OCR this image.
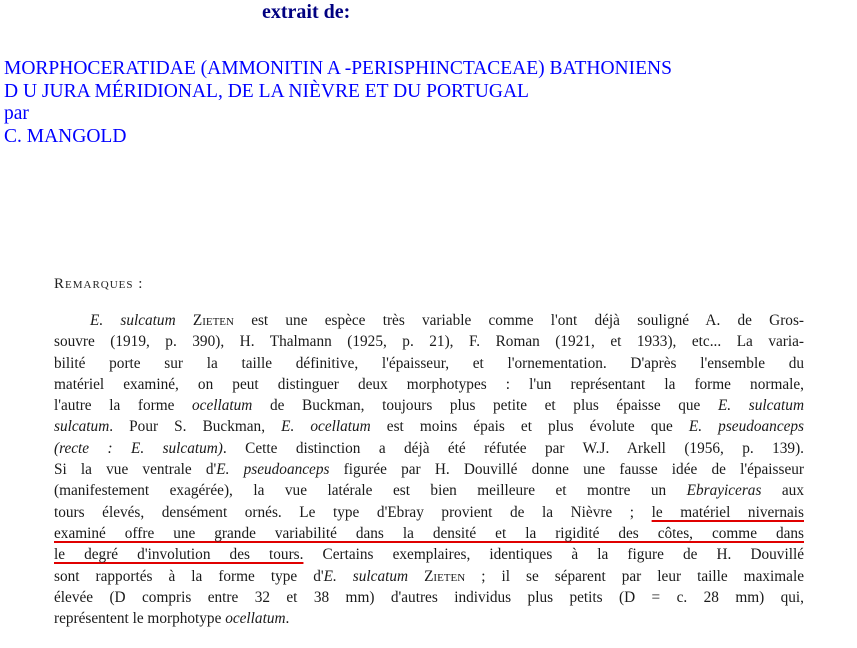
extrait de:
MORPHOCERATIDAE (AMMONITIN A -PERISPHINCTACEAE) BATHONIENS
D U JURA MÉRIDIONAL, DE LA NIÈVRE ET DU PORTUGAL
par
C. MANGOLD
Remarques :
E. sulcatum Zieten est une espèce très variable comme l'ont déjà souligné A. de Gros-
souvre (1919, p. 390), H. Thalmann (1925, p. 21), F. Roman (1921, et 1933), etc... La varia-
bilité porte sur la taille définitive, l'épaisseur, et l'ornementation. D'après l'ensemble du
matériel examiné, on peut distinguer deux morphotypes : l'un représentant la forme normale,
l'autre la forme ocellatum de Buckman, toujours plus petite et plus épaisse que E. sulcatum
sulcatum. Pour S. Buckman, E. ocellatum est moins épais et plus évolute que E. pseudoanceps
(recte : E. sulcatum). Cette distinction a déjà été réfutée par W.J. Arkell (1956, p. 139).
Si la vue ventrale d'E. pseudoanceps figurée par H. Douvillé donne une fausse idée de l'épaisseur
(manifestement exagérée), la vue latérale est bien meilleure et montre un Ebrayiceras aux
tours élevés, densément ornés. Le type d'Ebray provient de la Nièvre ; le matériel nivernais
examiné offre une grande variabilité dans la densité et la rigidité des côtes, comme dans
le degré d'involution des tours. Certains exemplaires, identiques à la figure de H. Douvillé
sont rapportés à la forme type d'E. sulcatum Zieten ; il se séparent par leur taille maximale
élevée (D compris entre 32 et 38 mm) d'autres individus plus petits (D = c. 28 mm) qui,
représentent le morphotype ocellatum.
